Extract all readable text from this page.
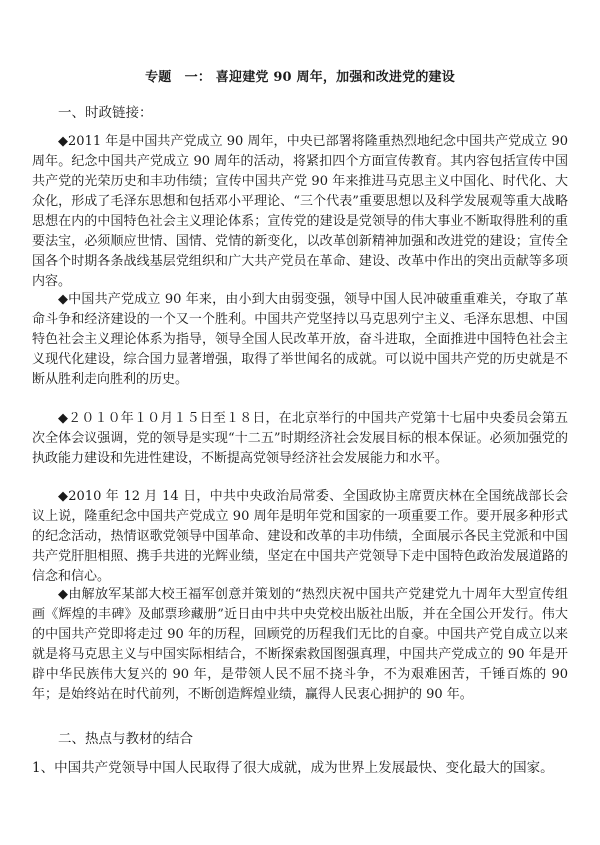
专题　一： 喜迎建党 90 周年，加强和改进党的建设
一、时政链接：
◆2011 年是中国共产党成立 90 周年，中央已部署将隆重热烈地纪念中国共产党成立 90 周年。纪念中国共产党成立 90 周年的活动，将紧扣四个方面宣传教育。其内容包括宣传中国共产党的光荣历史和丰功伟绩；宣传中国共产党 90 年来推进马克思主义中国化、时代化、大众化，形成了毛泽东思想和包括邓小平理论、“三个代表”重要思想以及科学发展观等重大战略思想在内的中国特色社会主义理论体系；宣传党的建设是党领导的伟大事业不断取得胜利的重要法宝，必须顺应世情、国情、党情的新变化，以改革创新精神加强和改进党的建设；宣传全国各个时期各条战线基层党组织和广大共产党员在革命、建设、改革中作出的突出贡献等多项内容。
◆中国共产党成立 90 年来，由小到大由弱变强，领导中国人民冲破重重难关，夺取了革命斗争和经济建设的一个又一个胜利。中国共产党坚持以马克思列宁主义、毛泽东思想、中国特色社会主义理论体系为指导，领导全国人民改革开放，奋斗进取，全面推进中国特色社会主义现代化建设，综合国力显著增强，取得了举世闻名的成就。可以说中国共产党的历史就是不断从胜利走向胜利的历史。
◆２０１０年１０月１５日至１８日，在北京举行的中国共产党第十七届中央委员会第五次全体会议强调，党的领导是实现“十二五”时期经济社会发展目标的根本保证。必须加强党的执政能力建设和先进性建设，不断提高党领导经济社会发展能力和水平。
◆2010 年 12 月 14 日，中共中央政治局常委、全国政协主席贾庆林在全国统战部长会议上说，隆重纪念中国共产党成立 90 周年是明年党和国家的一项重要工作。要开展多种形式的纪念活动，热情讴歌党领导中国革命、建设和改革的丰功伟绩，全面展示各民主党派和中国共产党肝胆相照、携手共进的光辉业绩，坚定在中国共产党领导下走中国特色政治发展道路的信念和信心。
◆由解放军某部大校王福军创意并策划的“热烈庆祝中国共产党建党九十周年大型宣传组画《辉煌的丰碑》及邮票珍藏册”近日由中共中央党校出版社出版，并在全国公开发行。伟大的中国共产党即将走过 90 年的历程，回顾党的历程我们无比的自豪。中国共产党自成立以来就是将马克思主义与中国实际相结合，不断探索救国图强真理，中国共产党成立的 90 年是开辟中华民族伟大复兴的 90 年，是带领人民不屈不挠斗争，不为艰难困苦，千锤百炼的 90 年；是始终站在时代前列，不断创造辉煌业绩，赢得人民衷心拥护的 90 年。
二、热点与教材的结合
1、中国共产党领导中国人民取得了很大成就，成为世界上发展最快、变化最大的国家。
